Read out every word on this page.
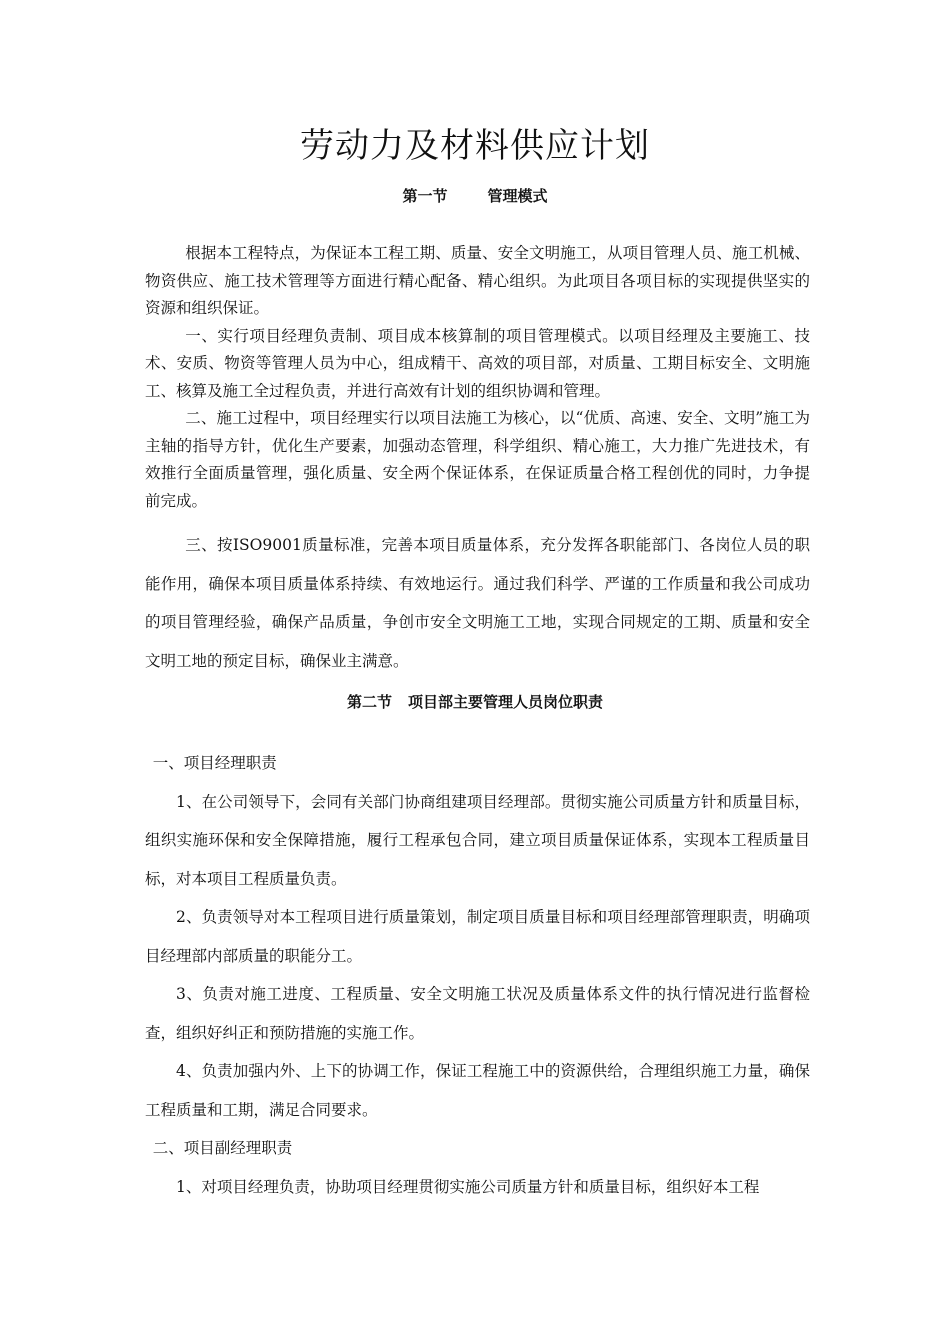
劳动力及材料供应计划
第一节	管理模式

根据本工程特点，为保证本工程工期、质量、安全文明施工，从项目管理人员、施工机械、物资供应、施工技术管理等方面进行精心配备、精心组织。为此项目各项目标的实现提供坚实的资源和组织保证。

一、实行项目经理负责制、项目成本核算制的项目管理模式。以项目经理及主要施工、技术、安质、物资等管理人员为中心，组成精干、高效的项目部，对质量、工期目标安全、文明施工、核算及施工全过程负责，并进行高效有计划的组织协调和管理。

二、施工过程中，项目经理实行以项目法施工为核心，以“优质、高速、安全、文明”施工为主轴的指导方针，优化生产要素，加强动态管理，科学组织、精心施工，大力推广先进技术，有效推行全面质量管理，强化质量、安全两个保证体系，在保证质量合格工程创优的同时，力争提前完成。

三、按ISO9001质量标准，完善本项目质量体系，充分发挥各职能部门、各岗位人员的职能作用，确保本项目质量体系持续、有效地运行。通过我们科学、严谨的工作质量和我公司成功的项目管理经验，确保产品质量，争创市安全文明施工工地，实现合同规定的工期、质量和安全文明工地的预定目标，确保业主满意。

第二节 项目部主要管理人员岗位职责

一、项目经理职责

1、在公司领导下，会同有关部门协商组建项目经理部。贯彻实施公司质量方针和质量目标，组织实施环保和安全保障措施，履行工程承包合同，建立项目质量保证体系，实现本工程质量目标，对本项目工程质量负责。

2、负责领导对本工程项目进行质量策划，制定项目质量目标和项目经理部管理职责，明确项目经理部内部质量的职能分工。

3、负责对施工进度、工程质量、安全文明施工状况及质量体系文件的执行情况进行监督检查，组织好纠正和预防措施的实施工作。

4、负责加强内外、上下的协调工作，保证工程施工中的资源供给，合理组织施工力量，确保工程质量和工期，满足合同要求。

二、项目副经理职责

1、对项目经理负责，协助项目经理贯彻实施公司质量方针和质量目标，组织好本工程
